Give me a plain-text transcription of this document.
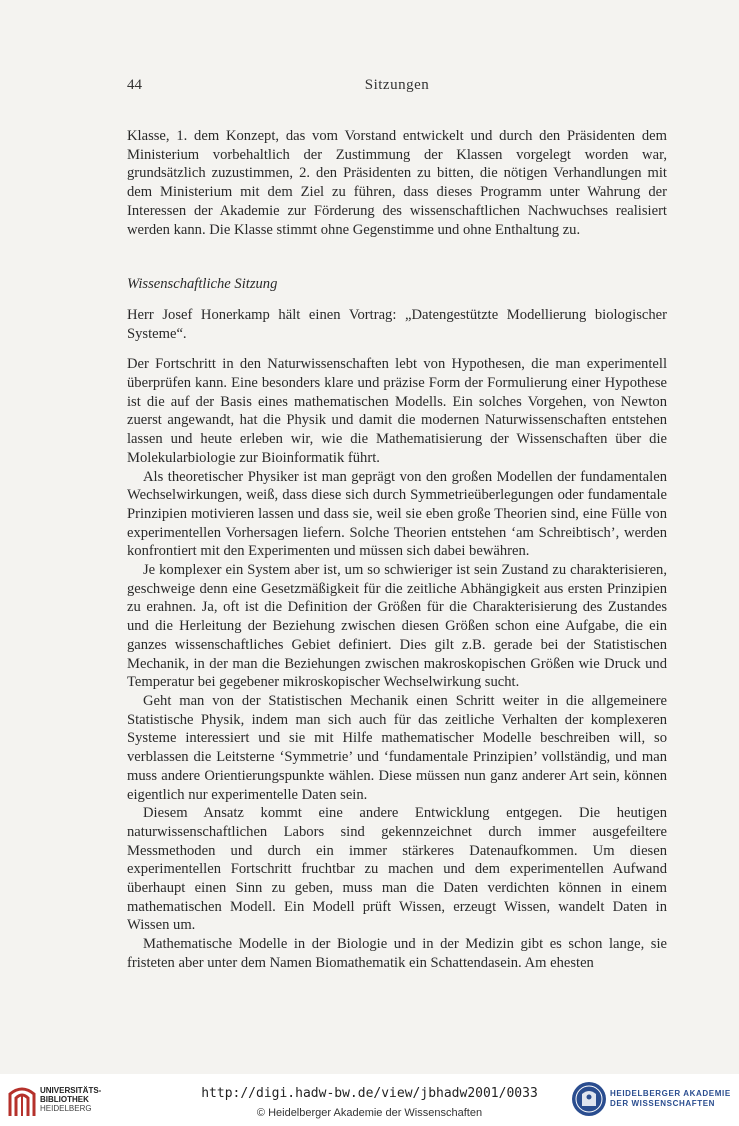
44	Sitzungen

Klasse, 1. dem Konzept, das vom Vorstand entwickelt und durch den Präsidenten dem Ministerium vorbehaltlich der Zustimmung der Klassen vorgelegt worden war, grundsätzlich zuzustimmen, 2. den Präsidenten zu bitten, die nötigen Verhandlungen mit dem Ministerium mit dem Ziel zu führen, dass dieses Programm unter Wahrung der Interessen der Akademie zur Förderung des wissenschaftlichen Nachwuchses realisiert werden kann. Die Klasse stimmt ohne Gegenstimme und ohne Enthaltung zu.

Wissenschaftliche Sitzung

Herr Josef Honerkamp hält einen Vortrag: „Datengestützte Modellierung biologischer Systeme“.

Der Fortschritt in den Naturwissenschaften lebt von Hypothesen, die man experimentell überprüfen kann. Eine besonders klare und präzise Form der Formulierung einer Hypothese ist die auf der Basis eines mathematischen Modells. Ein solches Vorgehen, von Newton zuerst angewandt, hat die Physik und damit die modernen Naturwissenschaften entstehen lassen und heute erleben wir, wie die Mathematisierung der Wissenschaften über die Molekularbiologie zur Bioinformatik führt.

Als theoretischer Physiker ist man geprägt von den großen Modellen der fundamentalen Wechselwirkungen, weiß, dass diese sich durch Symmetrieüberlegungen oder fundamentale Prinzipien motivieren lassen und dass sie, weil sie eben große Theorien sind, eine Fülle von experimentellen Vorhersagen liefern. Solche Theorien entstehen ‘am Schreibtisch’, werden konfrontiert mit den Experimenten und müssen sich dabei bewähren.

Je komplexer ein System aber ist, um so schwieriger ist sein Zustand zu charakterisieren, geschweige denn eine Gesetzmäßigkeit für die zeitliche Abhängigkeit aus ersten Prinzipien zu erahnen. Ja, oft ist die Definition der Größen für die Charakterisierung des Zustandes und die Herleitung der Beziehung zwischen diesen Größen schon eine Aufgabe, die ein ganzes wissenschaftliches Gebiet definiert. Dies gilt z.B. gerade bei der Statistischen Mechanik, in der man die Beziehungen zwischen makroskopischen Größen wie Druck und Temperatur bei gegebener mikroskopischer Wechselwirkung sucht.

Geht man von der Statistischen Mechanik einen Schritt weiter in die allgemeinere Statistische Physik, indem man sich auch für das zeitliche Verhalten der komplexeren Systeme interessiert und sie mit Hilfe mathematischer Modelle beschreiben will, so verblassen die Leitsterne ‘Symmetrie’ und ‘fundamentale Prinzipien’ vollständig, und man muss andere Orientierungspunkte wählen. Diese müssen nun ganz anderer Art sein, können eigentlich nur experimentelle Daten sein.

Diesem Ansatz kommt eine andere Entwicklung entgegen. Die heutigen naturwissenschaftlichen Labors sind gekennzeichnet durch immer ausgefeiltere Messmethoden und durch ein immer stärkeres Datenaufkommen. Um diesen experimentellen Fortschritt fruchtbar zu machen und dem experimentellen Aufwand überhaupt einen Sinn zu geben, muss man die Daten verdichten können in einem mathematischen Modell. Ein Modell prüft Wissen, erzeugt Wissen, wandelt Daten in Wissen um.

Mathematische Modelle in der Biologie und in der Medizin gibt es schon lange, sie fristeten aber unter dem Namen Biomathematik ein Schattendasein. Am ehesten

UNIVERSITÄTS-
BIBLIOTHEK
HEIDELBERG
http://digi.hadw-bw.de/view/jbhadw2001/0033
© Heidelberger Akademie der Wissenschaften
HEIDELBERGER AKADEMIE
DER WISSENSCHAFTEN
